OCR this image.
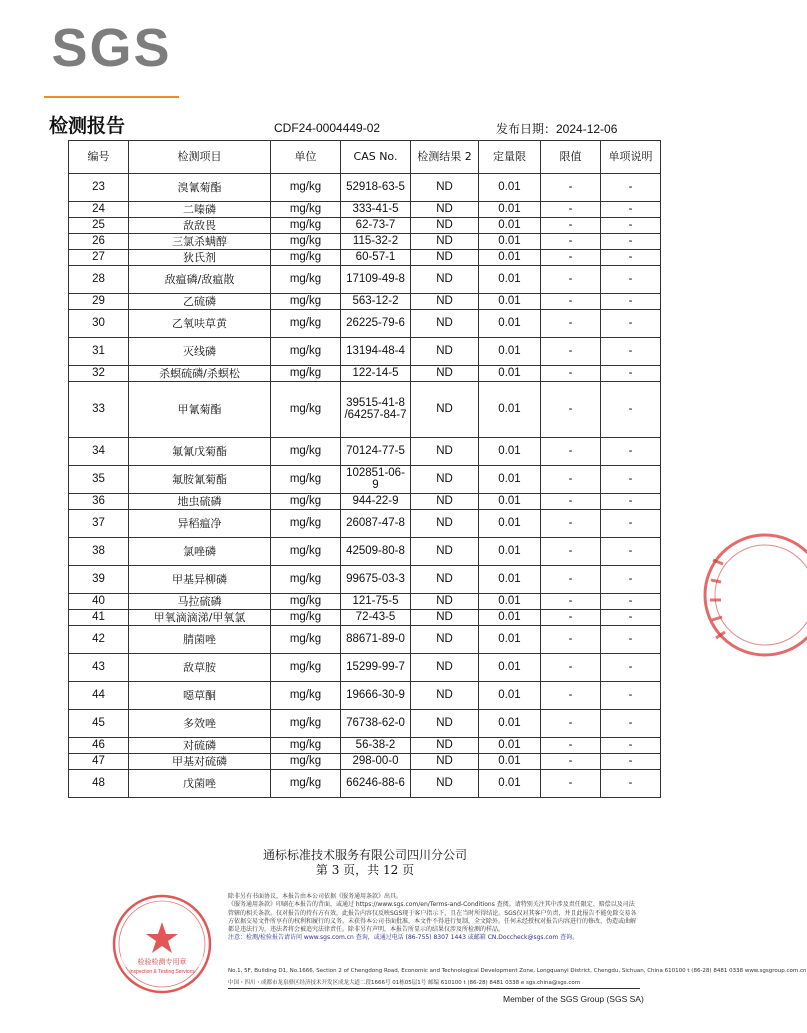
SGS
检测报告	CDF24-0004449-02	发布日期：2024-12-06
编号	检测项目	单位	CAS No.	检测结果 2	定量限	限值	单项说明
23	溴氰菊酯	mg/kg	52918-63-5	ND	0.01	-	-
24	二嗪磷	mg/kg	333-41-5	ND	0.01	-	-
25	敌敌畏	mg/kg	62-73-7	ND	0.01	-	-
26	三氯杀螨醇	mg/kg	115-32-2	ND	0.01	-	-
27	狄氏剂	mg/kg	60-57-1	ND	0.01	-	-
28	敌瘟磷/敌瘟散	mg/kg	17109-49-8	ND	0.01	-	-
29	乙硫磷	mg/kg	563-12-2	ND	0.01	-	-
30	乙氧呋草黄	mg/kg	26225-79-6	ND	0.01	-	-
31	灭线磷	mg/kg	13194-48-4	ND	0.01	-	-
32	杀螟硫磷/杀螟松	mg/kg	122-14-5	ND	0.01	-	-
33	甲氰菊酯	mg/kg	39515-41-8 /64257-84-7	ND	0.01	-	-
34	氟氰戊菊酯	mg/kg	70124-77-5	ND	0.01	-	-
35	氟胺氰菊酯	mg/kg	102851-06-9	ND	0.01	-	-
36	地虫硫磷	mg/kg	944-22-9	ND	0.01	-	-
37	异稻瘟净	mg/kg	26087-47-8	ND	0.01	-	-
38	氯唑磷	mg/kg	42509-80-8	ND	0.01	-	-
39	甲基异柳磷	mg/kg	99675-03-3	ND	0.01	-	-
40	马拉硫磷	mg/kg	121-75-5	ND	0.01	-	-
41	甲氧滴滴涕/甲氧氯	mg/kg	72-43-5	ND	0.01	-	-
42	腈菌唑	mg/kg	88671-89-0	ND	0.01	-	-
43	敌草胺	mg/kg	15299-99-7	ND	0.01	-	-
44	噁草酮	mg/kg	19666-30-9	ND	0.01	-	-
45	多效唑	mg/kg	76738-62-0	ND	0.01	-	-
46	对硫磷	mg/kg	56-38-2	ND	0.01	-	-
47	甲基对硫磷	mg/kg	298-00-0	ND	0.01	-	-
48	戊菌唑	mg/kg	66246-88-6	ND	0.01	-	-
通标标准技术服务有限公司四川分公司
第 3 页，共 12 页
检验检测专用章
Inspection & Testing Services
除非另有书面协议，本报告由本公司依据《服务通用条款》出具。
《服务通用条款》印刷在本报告的背面，或通过 https://www.sgs.com/en/Terms-and-Conditions 查阅。请特别关注其中涉及责任限定、赔偿以及司法管辖的相关条款。仅对报告的持有方有效，此报告内容仅反映SGS现于客户指示下，且在当时所得结论。SGS仅对其客户负责，并且此报告不能免除交易各方依据交易文件所享有的权利和履行的义务。未获得本公司书面批准，本文件不得进行复制，全文除外。任何未经授权对报告内容进行的修改、伪造或曲解都是违法行为，违法者将会被追究法律责任。除非另有声明，本报告所显示的结果仅涉及所检测的样品。
注意：检测/检验报告请访问 www.sgs.com.cn 查询，或通过电话 (86-755) 8307 1443 或邮箱 CN.Doccheck@sgs.com 查询。
No.1, 5F, Building D1, No.1666, Section 2 of Chengdong Road, Economic and Technological Development Zone, Longquanyi District, Chengdu, Sichuan, China 610100 t (86-28) 8481 0338 www.sgsgroup.com.cn
中国・四川・成都市龙泉驿区经济技术开发区成龙大道二段1666号 01栋05层1号 邮编 610100 t (86-28) 8481 0338 e sgs.china@sgs.com
Member of the SGS Group (SGS SA)
